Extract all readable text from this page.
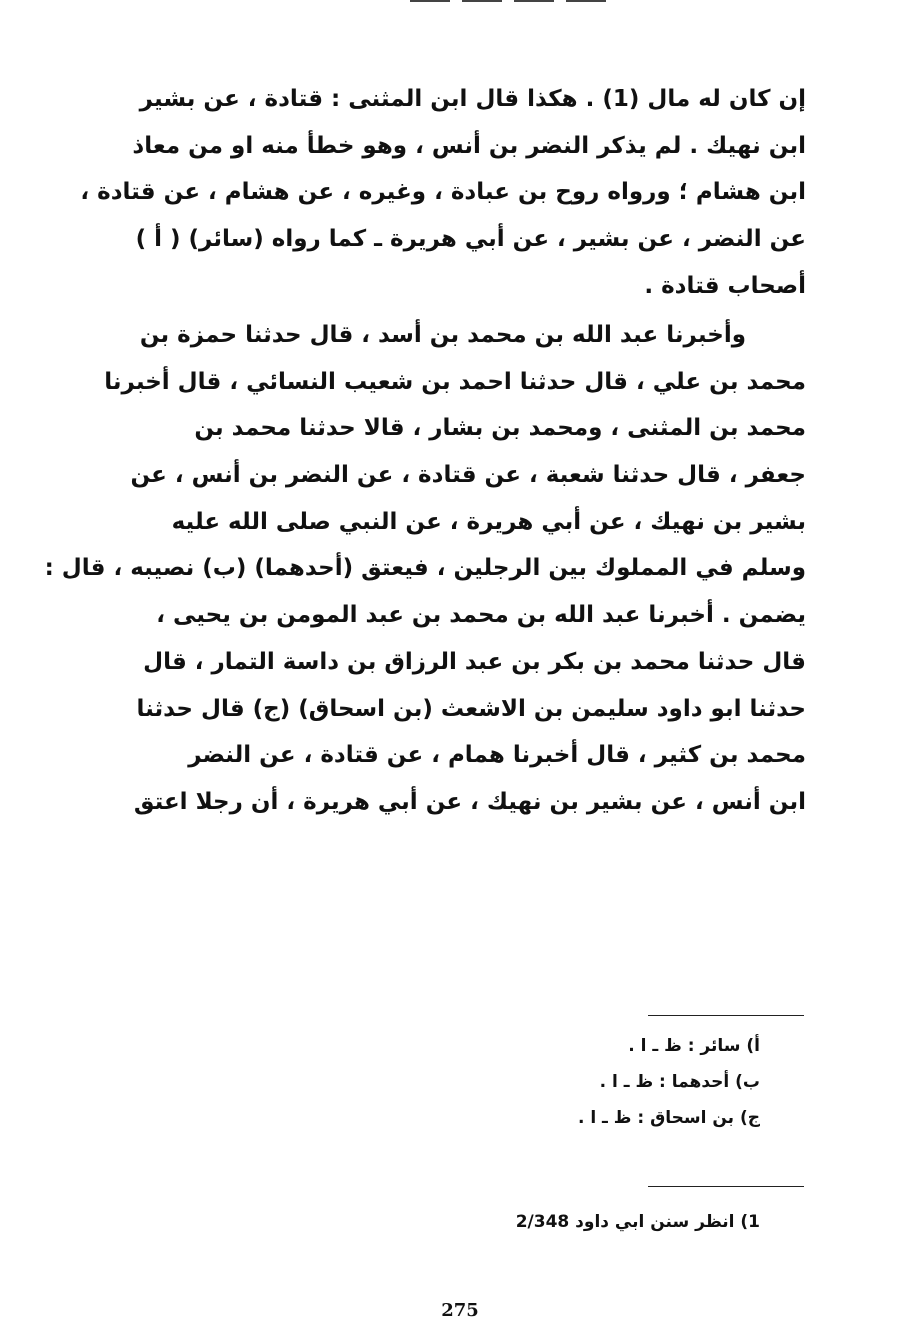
إن كان له مال (1) . هكذا قال ابن المثنى : قتادة ، عن بشير
ابن نهيك . لم يذكر النضر بن أنس ، وهو خطأ منه او من معاذ
ابن هشام ؛ ورواه روح بن عبادة ، وغيره ، عن هشام ، عن قتادة ،
عن النضر ، عن بشير ، عن أبي هريرة ـ كما رواه (سائر) ( أ )
أصحاب قتادة .
وأخبرنا عبد الله بن محمد بن أسد ، قال حدثنا حمزة بن
محمد بن علي ، قال حدثنا احمد بن شعيب النسائي ، قال أخبرنا
محمد بن المثنى ، ومحمد بن بشار ، قالا حدثنا محمد بن
جعفر ، قال حدثنا شعبة ، عن قتادة ، عن النضر بن أنس ، عن
بشير بن نهيك ، عن أبي هريرة ، عن النبي صلى الله عليه
وسلم في المملوك بين الرجلين ، فيعتق (أحدهما) (ب) نصيبه ، قال :
يضمن . أخبرنا عبد الله بن محمد بن عبد المومن بن يحيى ،
قال حدثنا محمد بن بكر بن عبد الرزاق بن داسة التمار ، قال
حدثنا ابو داود سليمن بن الاشعث (بن اسحاق) (ج) قال حدثنا
محمد بن كثير ، قال أخبرنا همام ، عن قتادة ، عن النضر
ابن أنس ، عن بشير بن نهيك ، عن أبي هريرة ، أن رجلا اعتق
أ) سائر : ظ ـ ا .
ب) أحدهما : ظ ـ ا .
ج) بن اسحاق : ظ ـ ا .
1) انظر سنن ابي داود 2/348
275
